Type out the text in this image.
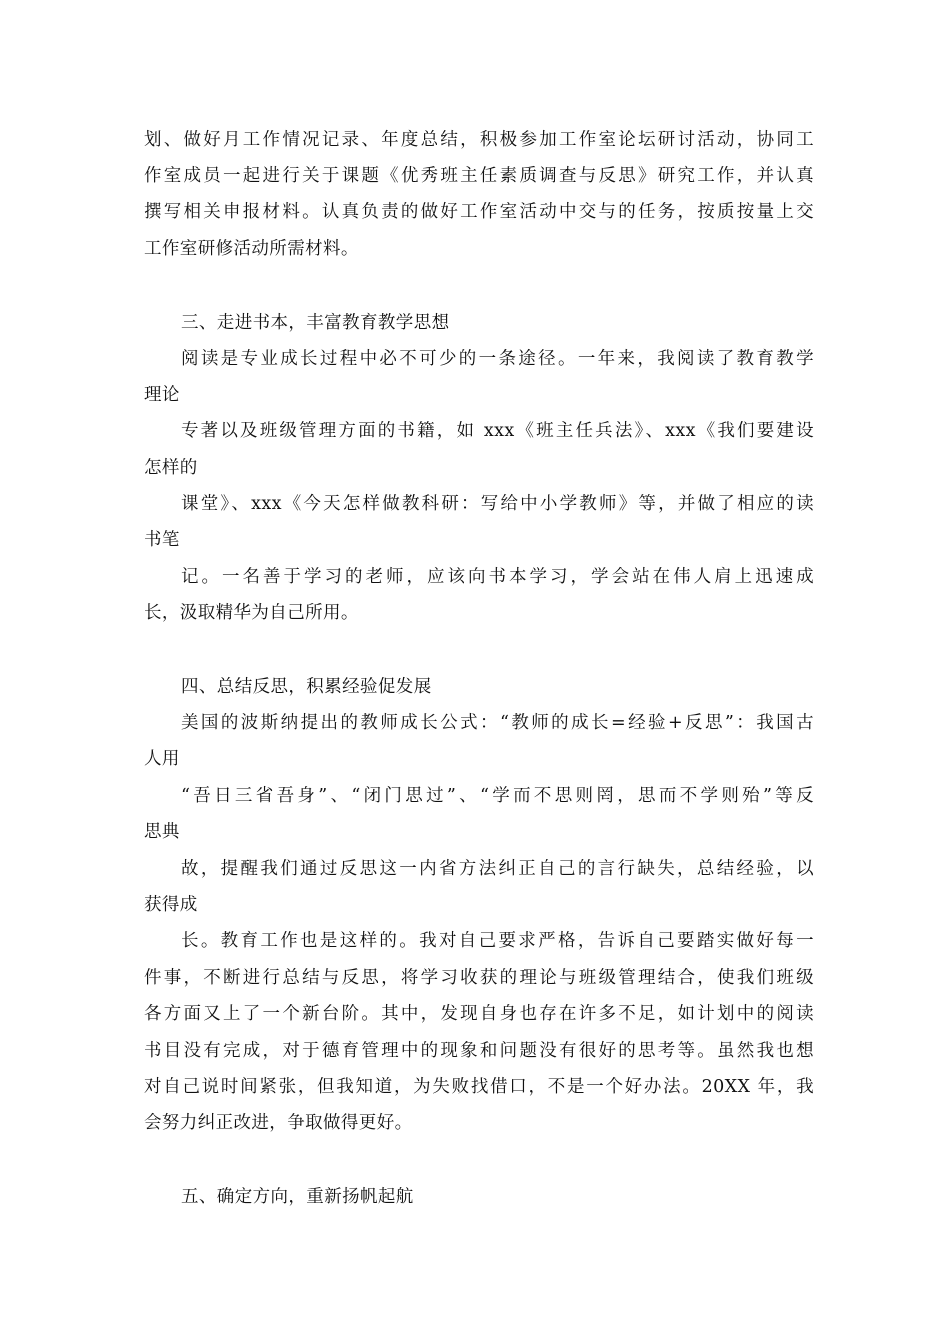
划、做好月工作情况记录、年度总结，积极参加工作室论坛研讨活动，协同工
作室成员一起进行关于课题《优秀班主任素质调查与反思》研究工作，并认真
撰写相关申报材料。认真负责的做好工作室活动中交与的任务，按质按量上交
工作室研修活动所需材料。
三、走进书本，丰富教育教学思想
阅读是专业成长过程中必不可少的一条途径。一年来，我阅读了教育教学
理论
专著以及班级管理方面的书籍，如 xxx《班主任兵法》、xxx《我们要建设
怎样的
课堂》、xxx《今天怎样做教科研：写给中小学教师》等，并做了相应的读
书笔
记。一名善于学习的老师，应该向书本学习，学会站在伟人肩上迅速成
长，汲取精华为自己所用。
四、总结反思，积累经验促发展
美国的波斯纳提出的教师成长公式：“教师的成长=经验+反思”：我国古
人用
“吾日三省吾身”、“闭门思过”、“学而不思则罔，思而不学则殆”等反
思典
故，提醒我们通过反思这一内省方法纠正自己的言行缺失，总结经验，以
获得成
长。教育工作也是这样的。我对自己要求严格，告诉自己要踏实做好每一
件事，不断进行总结与反思，将学习收获的理论与班级管理结合，使我们班级
各方面又上了一个新台阶。其中，发现自身也存在许多不足，如计划中的阅读
书目没有完成，对于德育管理中的现象和问题没有很好的思考等。虽然我也想
对自己说时间紧张，但我知道，为失败找借口，不是一个好办法。20XX 年，我
会努力纠正改进，争取做得更好。
五、确定方向，重新扬帆起航
